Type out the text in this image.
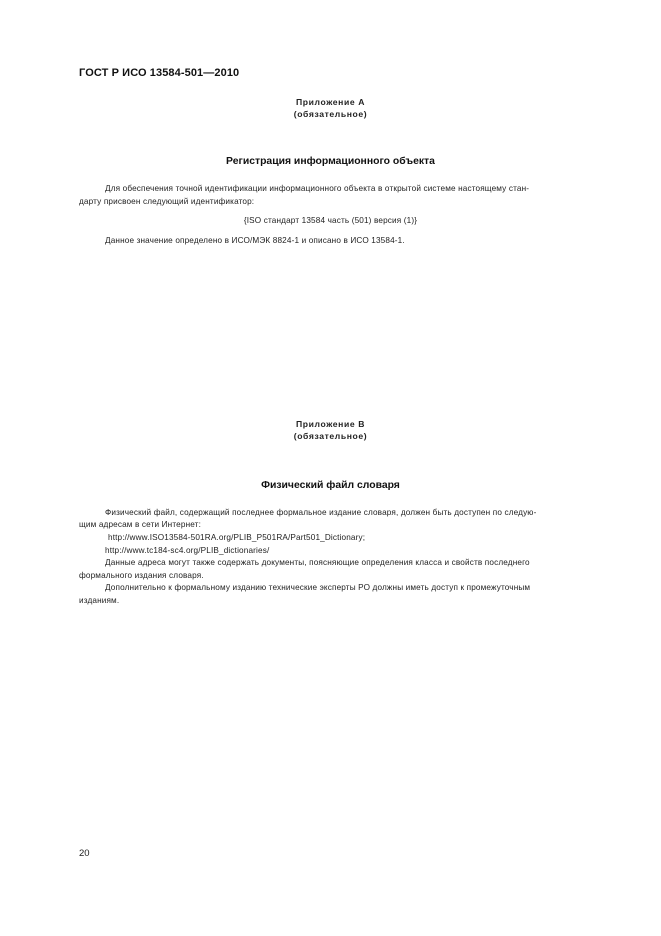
ГОСТ Р ИСО 13584-501—2010
Приложение А
(обязательное)
Регистрация информационного объекта
Для обеспечения точной идентификации информационного объекта в открытой системе настоящему стан-
дарту присвоен следующий идентификатор:
{ISO стандарт 13584 часть (501) версия (1)}
Данное значение определено в ИСО/МЭК 8824-1 и описано в ИСО 13584-1.
Приложение В
(обязательное)
Физический файл словаря
Физический файл, содержащий последнее формальное издание словаря, должен быть доступен по следую-
щим адресам в сети Интернет:
http://www.ISO13584-501RA.org/PLIB_P501RA/Part501_Dictionary;
http://www.tc184-sc4.org/PLIB_dictionaries/
Данные адреса могут также содержать документы, поясняющие определения класса и свойств последнего
формального издания словаря.
Дополнительно к формальному изданию технические эксперты РО должны иметь доступ к промежуточным
изданиям.
20
